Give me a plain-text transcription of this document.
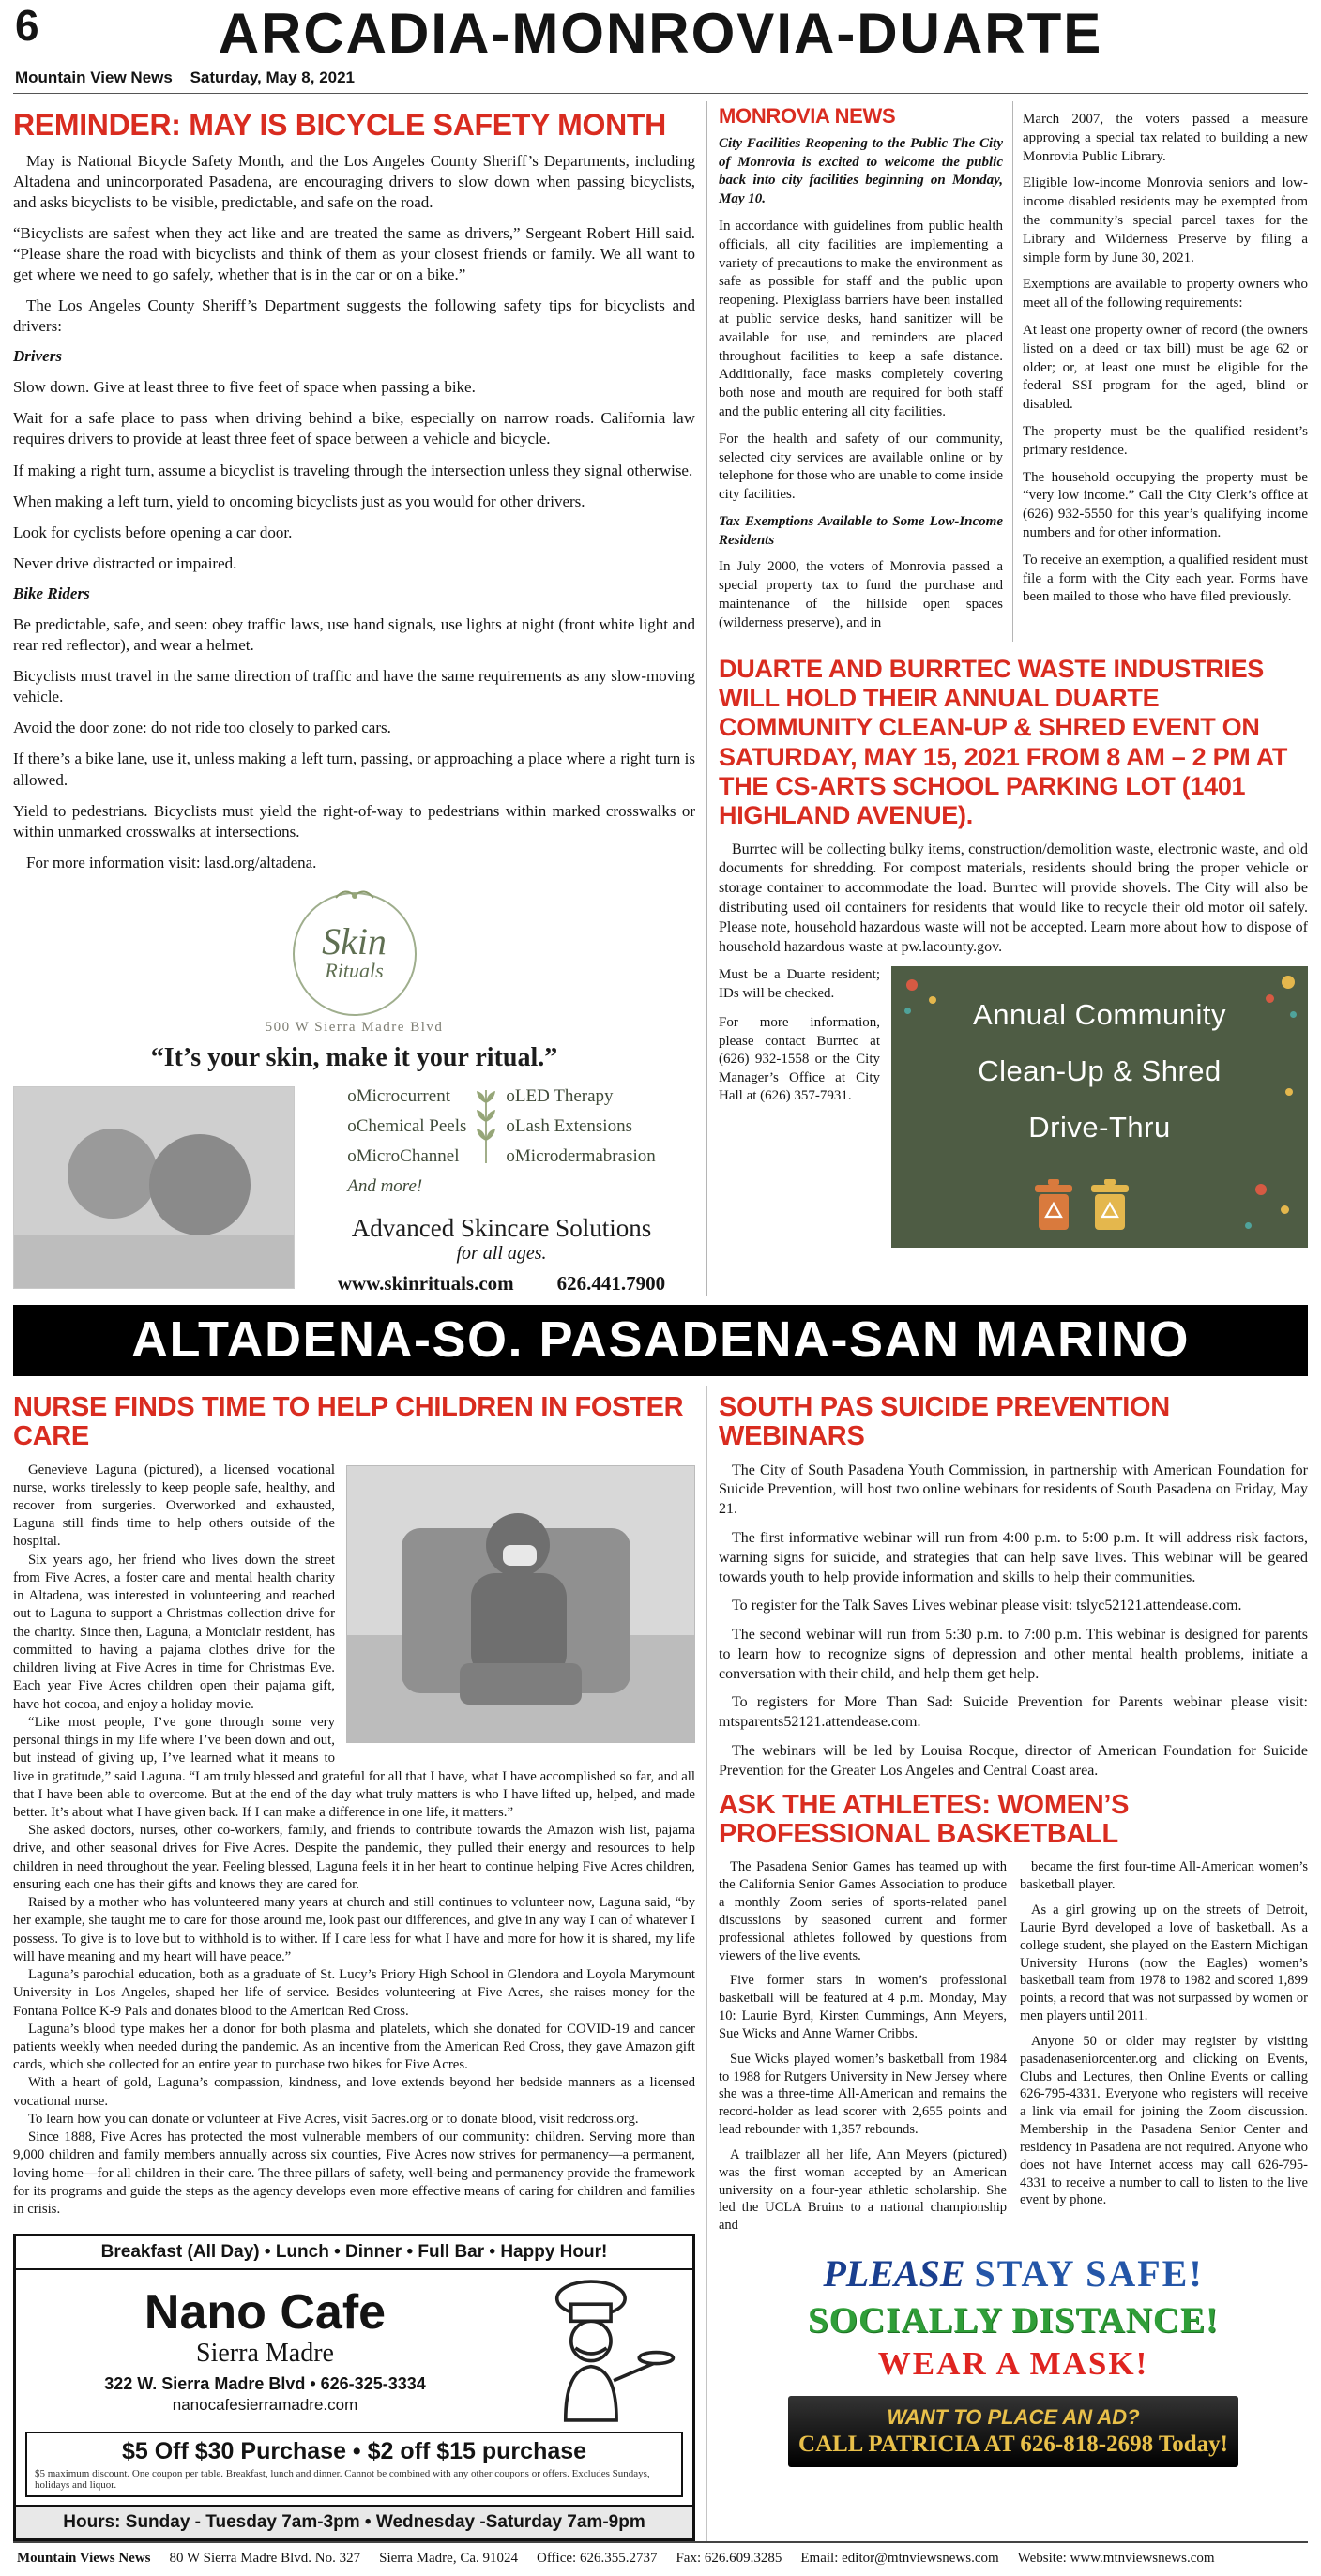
6	ARCADIA-MONROVIA-DUARTE
Mountain View News Saturday, May 8, 2021
REMINDER: MAY IS BICYCLE SAFETY MONTH

May is National Bicycle Safety Month, and the Los Angeles County Sheriff’s Departments, including Altadena and unincorporated Pasadena, are encouraging drivers to slow down when passing bicyclists, and asks bicyclists to be visible, predictable, and safe on the road.

“Bicyclists are safest when they act like and are treated the same as drivers,” Sergeant Robert Hill said. “Please share the road with bicyclists and think of them as your closest friends or family. We all want to get where we need to go safely, whether that is in the car or on a bike.”

The Los Angeles County Sheriff’s Department suggests the following safety tips for bicyclists and drivers:

Drivers

Slow down. Give at least three to five feet of space when passing a bike.

Wait for a safe place to pass when driving behind a bike, especially on narrow roads. California law requires drivers to provide at least three feet of space between a vehicle and bicycle.

If making a right turn, assume a bicyclist is traveling through the intersection unless they signal otherwise.

When making a left turn, yield to oncoming bicyclists just as you would for other drivers.

Look for cyclists before opening a car door.

Never drive distracted or impaired.

Bike Riders

Be predictable, safe, and seen: obey traffic laws, use hand signals, use lights at night (front white light and rear red reflector), and wear a helmet.

Bicyclists must travel in the same direction of traffic and have the same requirements as any slow-moving vehicle.

Avoid the door zone: do not ride too closely to parked cars.

If there’s a bike lane, use it, unless making a left turn, passing, or approaching a place where a right turn is allowed.

Yield to pedestrians. Bicyclists must yield the right-of-way to pedestrians within marked crosswalks or within unmarked crosswalks at intersections.

For more information visit: lasd.org/altadena.

Skin
Rituals
500 W Sierra Madre Blvd
“It’s your skin, make it your ritual.”
oMicrocurrent
oChemical Peels
oMicroChannel
And more!
oLED Therapy
oLash Extensions
oMicrodermabrasion
Advanced Skincare Solutions
for all ages.
www.skinrituals.com 626.441.7900
MONROVIA NEWS

City Facilities Reopening to the Public The City of Monrovia is excited to welcome the public back into city facilities beginning on Monday, May 10.

In accordance with guidelines from public health officials, all city facilities are implementing a variety of precautions to make the environment as safe as possible for staff and the public upon reopening. Plexiglass barriers have been installed at public service desks, hand sanitizer will be available for use, and reminders are placed throughout facilities to keep a safe distance. Additionally, face masks completely covering both nose and mouth are required for both staff and the public entering all city facilities.

For the health and safety of our community, selected city services are available online or by telephone for those who are unable to come inside city facilities.

Tax Exemptions Available to Some Low-Income Residents

In July 2000, the voters of Monrovia passed a special property tax to fund the purchase and maintenance of the hillside open spaces (wilderness preserve), and in

March 2007, the voters passed a measure approving a special tax related to building a new Monrovia Public Library.

Eligible low-income Monrovia seniors and low-income disabled residents may be exempted from the community’s special parcel taxes for the Library and Wilderness Preserve by filing a simple form by June 30, 2021.

Exemptions are available to property owners who meet all of the following requirements:

At least one property owner of record (the owners listed on a deed or tax bill) must be age 62 or older; or, at least one must be eligible for the federal SSI program for the aged, blind or disabled.

The property must be the qualified resident’s primary residence.

The household occupying the property must be “very low income.” Call the City Clerk’s office at (626) 932-5550 for this year’s qualifying income numbers and for other information.

To receive an exemption, a qualified resident must file a form with the City each year. Forms have been mailed to those who have filed previously.

DUARTE AND BURRTEC WASTE INDUSTRIES WILL HOLD THEIR ANNUAL DUARTE COMMUNITY CLEAN-UP & SHRED EVENT ON SATURDAY, MAY 15, 2021 FROM 8 AM – 2 PM AT THE CS-ARTS SCHOOL PARKING LOT (1401 HIGHLAND AVENUE).

Burrtec will be collecting bulky items, construction/demolition waste, electronic waste, and old documents for shredding. For compost materials, residents should bring the proper vehicle or storage container to accommodate the load. Burrtec will provide shovels. The City will also be distributing used oil containers for residents that would like to recycle their old motor oil safely. Please note, household hazardous waste will not be accepted. Learn more about how to dispose of household hazardous waste at pw.lacounty.gov.

Must be a Duarte resident; IDs will be checked.

For more information, please contact Burrtec at (626) 932-1558 or the City Manager’s Office at City Hall at (626) 357-7931.

Annual Community
Clean-Up & Shred
Drive-Thru
ALTADENA-SO. PASADENA-SAN MARINO
NURSE FINDS TIME TO HELP CHILDREN IN FOSTER CARE

Genevieve Laguna (pictured), a licensed vocational nurse, works tirelessly to keep people safe, healthy, and recover from surgeries. Overworked and exhausted, Laguna still finds time to help others outside of the hospital.

Six years ago, her friend who lives down the street from Five Acres, a foster care and mental health charity in Altadena, was interested in volunteering and reached out to Laguna to support a Christmas collection drive for the charity. Since then, Laguna, a Montclair resident, has committed to having a pajama clothes drive for the children living at Five Acres in time for Christmas Eve. Each year Five Acres children open their pajama gift, have hot cocoa, and enjoy a holiday movie.

“Like most people, I’ve gone through some very personal things in my life where I’ve been down and out, but instead of giving up, I’ve learned what it means to live in gratitude,” said Laguna. “I am truly blessed and grateful for all that I have, what I have accomplished so far, and all that I have been able to overcome. But at the end of the day what truly matters is who I have lifted up, helped, and made better. It’s about what I have given back. If I can make a difference in one life, it matters.”

She asked doctors, nurses, other co-workers, family, and friends to contribute towards the Amazon wish list, pajama drive, and other seasonal drives for Five Acres. Despite the pandemic, they pulled their energy and resources to help children in need throughout the year. Feeling blessed, Laguna feels it in her heart to continue helping Five Acres children, ensuring each one has their gifts and knows they are cared for.

Raised by a mother who has volunteered many years at church and still continues to volunteer now, Laguna said, “by her example, she taught me to care for those around me, look past our differences, and give in any way I can of whatever I possess. To give is to love but to withhold is to wither. If I care less for what I have and more for how it is shared, my life will have meaning and my heart will have peace.”

Laguna’s parochial education, both as a graduate of St. Lucy’s Priory High School in Glendora and Loyola Marymount University in Los Angeles, shaped her life of service. Besides volunteering at Five Acres, she raises money for the Fontana Police K-9 Pals and donates blood to the American Red Cross.

Laguna’s blood type makes her a donor for both plasma and platelets, which she donated for COVID-19 and cancer patients weekly when needed during the pandemic. As an incentive from the American Red Cross, they gave Amazon gift cards, which she collected for an entire year to purchase two bikes for Five Acres.

With a heart of gold, Laguna’s compassion, kindness, and love extends beyond her bedside manners as a licensed vocational nurse.

To learn how you can donate or volunteer at Five Acres, visit 5acres.org or to donate blood, visit redcross.org.

Since 1888, Five Acres has protected the most vulnerable members of our community: children. Serving more than 9,000 children and family members annually across six counties, Five Acres now strives for permanency—a permanent, loving home—for all children in their care. The three pillars of safety, well-being and permanency provide the framework for its programs and guide the steps as the agency develops even more effective means of caring for children and families in crisis.

Breakfast (All Day) • Lunch • Dinner • Full Bar • Happy Hour!
Nano Cafe
Sierra Madre
322 W. Sierra Madre Blvd • 626-325-3334
nanocafesierramadre.com
$5 Off $30 Purchase • $2 off $15 purchase
$5 maximum discount. One coupon per table. Breakfast, lunch and dinner. Cannot be combined with any other coupons or offers. Excludes Sundays, holidays and liquor.
Hours: Sunday - Tuesday 7am-3pm • Wednesday -Saturday 7am-9pm
SOUTH PAS SUICIDE PREVENTION WEBINARS

The City of South Pasadena Youth Commission, in partnership with American Foundation for Suicide Prevention, will host two online webinars for residents of South Pasadena on Friday, May 21.

The first informative webinar will run from 4:00 p.m. to 5:00 p.m. It will address risk factors, warning signs for suicide, and strategies that can help save lives. This webinar will be geared towards youth to help provide information and skills to help their communities.

To register for the Talk Saves Lives webinar please visit: tslyc52121.attendease.com.

The second webinar will run from 5:30 p.m. to 7:00 p.m. This webinar is designed for parents to learn how to recognize signs of depression and other mental health problems, initiate a conversation with their child, and help them get help.

To registers for More Than Sad: Suicide Prevention for Parents webinar please visit: mtsparents52121.attendease.com.

The webinars will be led by Louisa Rocque, director of American Foundation for Suicide Prevention for the Greater Los Angeles and Central Coast area.

ASK THE ATHLETES: WOMEN’S PROFESSIONAL BASKETBALL

The Pasadena Senior Games has teamed up with the California Senior Games Association to produce a monthly Zoom series of sports-related panel discussions by seasoned current and former professional athletes followed by questions from viewers of the live events.

Five former stars in women’s professional basketball will be featured at 4 p.m. Monday, May 10: Laurie Byrd, Kirsten Cummings, Ann Meyers, Sue Wicks and Anne Warner Cribbs.

Sue Wicks played women’s basketball from 1984 to 1988 for Rutgers University in New Jersey where she was a three-time All-American and remains the record-holder as lead scorer with 2,655 points and lead rebounder with 1,357 rebounds.

A trailblazer all her life, Ann Meyers (pictured) was the first woman accepted by an American university on a four-year athletic scholarship. She led the UCLA Bruins to a national championship and

became the first four-time All-American women’s basketball player.

As a girl growing up on the streets of Detroit, Laurie Byrd developed a love of basketball. As a college student, she played on the Eastern Michigan University Hurons (now the Eagles) women’s basketball team from 1978 to 1982 and scored 1,899 points, a record that was not surpassed by women or men players until 2011.

Anyone 50 or older may register by visiting pasadenaseniorcenter.org and clicking on Events, Clubs and Lectures, then Online Events or calling 626-795-4331. Everyone who registers will receive a link via email for joining the Zoom discussion. Membership in the Pasadena Senior Center and residency in Pasadena are not required. Anyone who does not have Internet access may call 626-795-4331 to receive a number to call to listen to the live event by phone.

PLEASE STAY SAFE!
SOCIALLY DISTANCE!
WEAR A MASK!
WANT TO PLACE AN AD?
CALL PATRICIA AT 626-818-2698 Today!
Mountain Views News 80 W Sierra Madre Blvd. No. 327 Sierra Madre, Ca. 91024 Office: 626.355.2737 Fax: 626.609.3285 Email: editor@mtnviewsnews.com Website: www.mtnviewsnews.com
